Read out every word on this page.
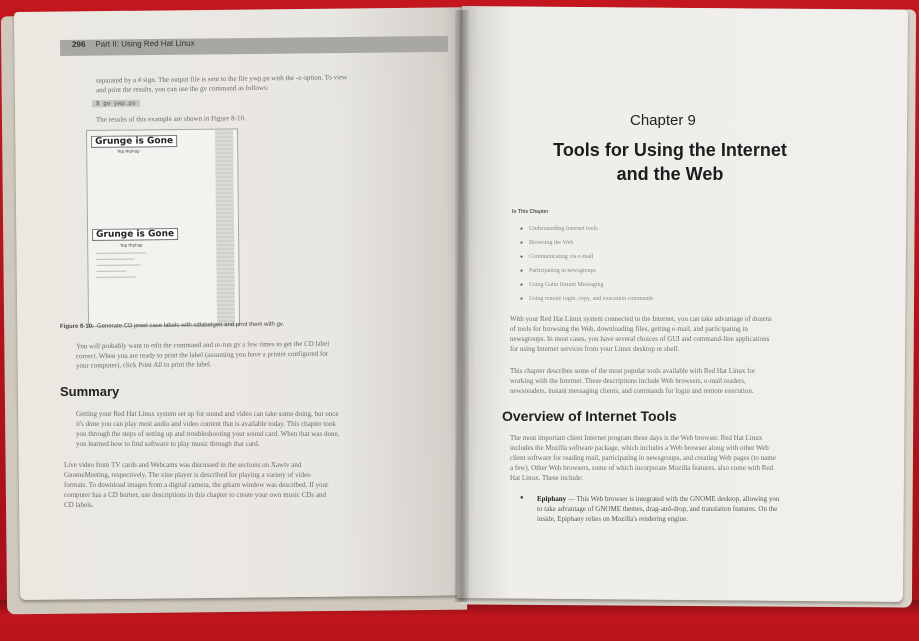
296 Part II: Using Red Hat Linux
separated by a # sign. The output file is sent to the file ywp.ps with the -o option. To view
and print the results, you can use the gv command as follows:
$ gv ywp.ps
The results of this example are shown in Figure 8-10.
Grunge is Gone
Yep Hiphop
Grunge is Gone
Yep Hiphop
Figure 8-10: Generate CD jewel case labels with cdlabelgen and print them with gv.
You will probably want to edit the command and re-run gv a few times to get the CD label
correct. When you are ready to print the label (assuming you have a printer configured for
your computer), click Print All to print the label.
Summary
Getting your Red Hat Linux system set up for sound and video can take some doing, but once
it's done you can play most audio and video content that is available today. This chapter took
you through the steps of setting up and troubleshooting your sound card. When that was done,
you learned how to find software to play music through that card.
Live video from TV cards and Webcams was discussed in the sections on Xawtv and
GnomeMeeting, respectively. The xine player is described for playing a variety of video
formats. To download images from a digital camera, the gtkam window was described. If your
computer has a CD burner, use descriptions in this chapter to create your own music CDs and
CD labels.
Chapter 9
Tools for Using the Internet
and the Web
In This Chapter
● Understanding Internet tools
● Browsing the Web
● Communicating via e-mail
● Participating in newsgroups
● Using Gaim Instant Messaging
● Using remote login, copy, and execution commands
With your Red Hat Linux system connected to the Internet, you can take advantage of dozens
of tools for browsing the Web, downloading files, getting e-mail, and participating in
newsgroups. In most cases, you have several choices of GUI and command-line applications
for using Internet services from your Linux desktop or shell.
This chapter describes some of the most popular tools available with Red Hat Linux for
working with the Internet. These descriptions include Web browsers, e-mail readers,
newsreaders, instant messaging clients, and commands for login and remote execution.
Overview of Internet Tools
The most important client Internet program these days is the Web browser. Red Hat Linux
includes the Mozilla software package, which includes a Web browser along with other Web
client software for reading mail, participating in newsgroups, and creating Web pages (to name
a few). Other Web browsers, some of which incorporate Mozilla features, also come with Red
Hat Linux. These include:
● Epiphany — This Web browser is integrated with the GNOME desktop, allowing you
to take advantage of GNOME themes, drag-and-drop, and translation features. On the
inside, Epiphany relies on Mozilla's rendering engine.
